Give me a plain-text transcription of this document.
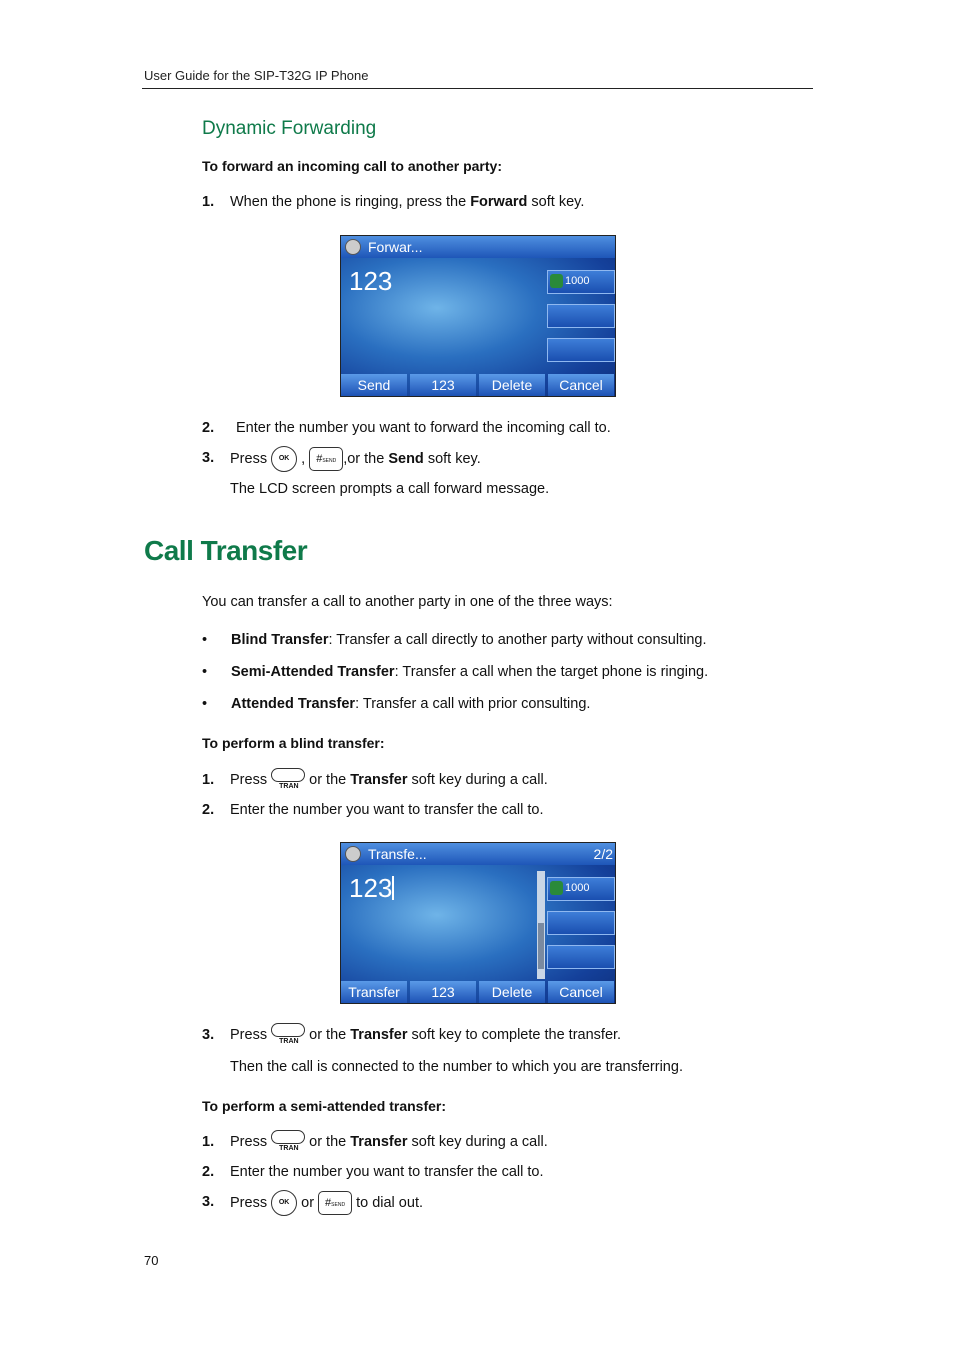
User Guide for the SIP-T32G IP Phone
Dynamic Forwarding
To forward an incoming call to another party:
1. When the phone is ringing, press the Forward soft key.
Forwar...
123	1000
Send	123	Delete	Cancel
2. Enter the number you want to forward the incoming call to.
3. Press OK , #SEND ,or the Send soft key.
The LCD screen prompts a call forward message.
Call Transfer
You can transfer a call to another party in one of the three ways:
• Blind Transfer: Transfer a call directly to another party without consulting.
• Semi-Attended Transfer: Transfer a call when the target phone is ringing.
• Attended Transfer: Transfer a call with prior consulting.
To perform a blind transfer:
1. Press TRAN or the Transfer soft key during a call.
2. Enter the number you want to transfer the call to.
Transfe...	2/2
123	1000
Transfer	123	Delete	Cancel
3. Press TRAN or the Transfer soft key to complete the transfer.
Then the call is connected to the number to which you are transferring.
To perform a semi-attended transfer:
1. Press TRAN or the Transfer soft key during a call.
2. Enter the number you want to transfer the call to.
3. Press OK or #SEND to dial out.
70
